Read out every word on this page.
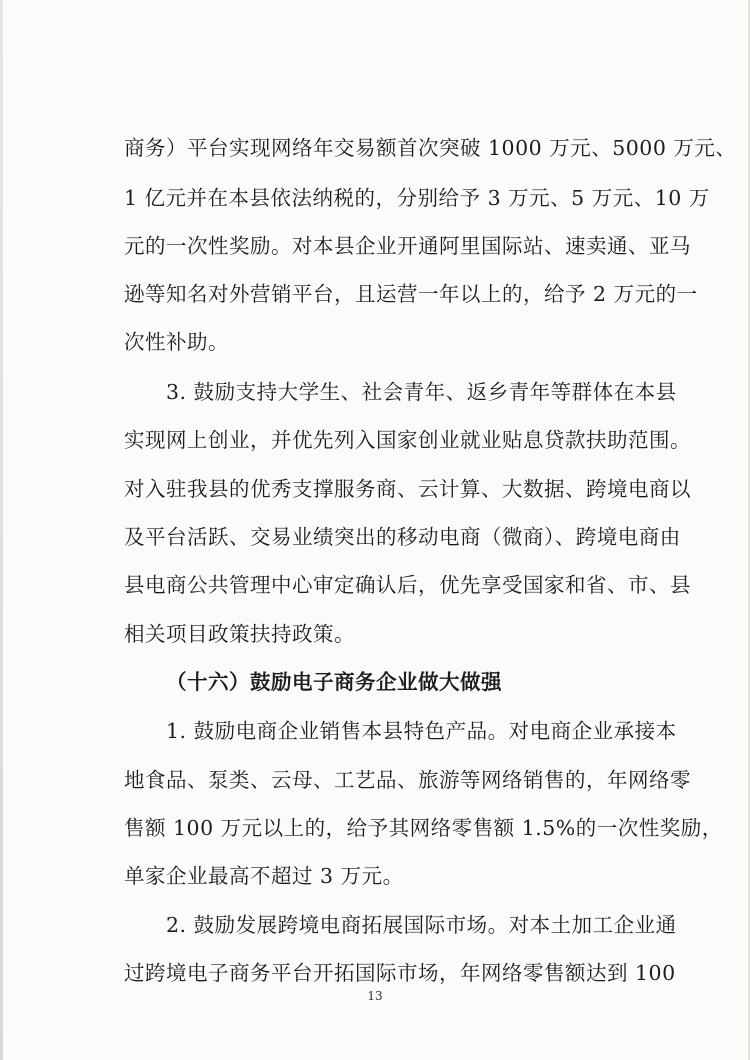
商务）平台实现网络年交易额首次突破 1000 万元、5000 万元、
1 亿元并在本县依法纳税的，分别给予 3 万元、5 万元、10 万
元的一次性奖励。对本县企业开通阿里国际站、速卖通、亚马
逊等知名对外营销平台，且运营一年以上的，给予 2 万元的一
次性补助。
3. 鼓励支持大学生、社会青年、返乡青年等群体在本县
实现网上创业，并优先列入国家创业就业贴息贷款扶助范围。
对入驻我县的优秀支撑服务商、云计算、大数据、跨境电商以
及平台活跃、交易业绩突出的移动电商（微商）、跨境电商由
县电商公共管理中心审定确认后，优先享受国家和省、市、县
相关项目政策扶持政策。
（十六）鼓励电子商务企业做大做强
1. 鼓励电商企业销售本县特色产品。对电商企业承接本
地食品、泵类、云母、工艺品、旅游等网络销售的，年网络零
售额 100 万元以上的，给予其网络零售额 1.5%的一次性奖励，
单家企业最高不超过 3 万元。
2. 鼓励发展跨境电商拓展国际市场。对本土加工企业通
过跨境电子商务平台开拓国际市场，年网络零售额达到 100
13
